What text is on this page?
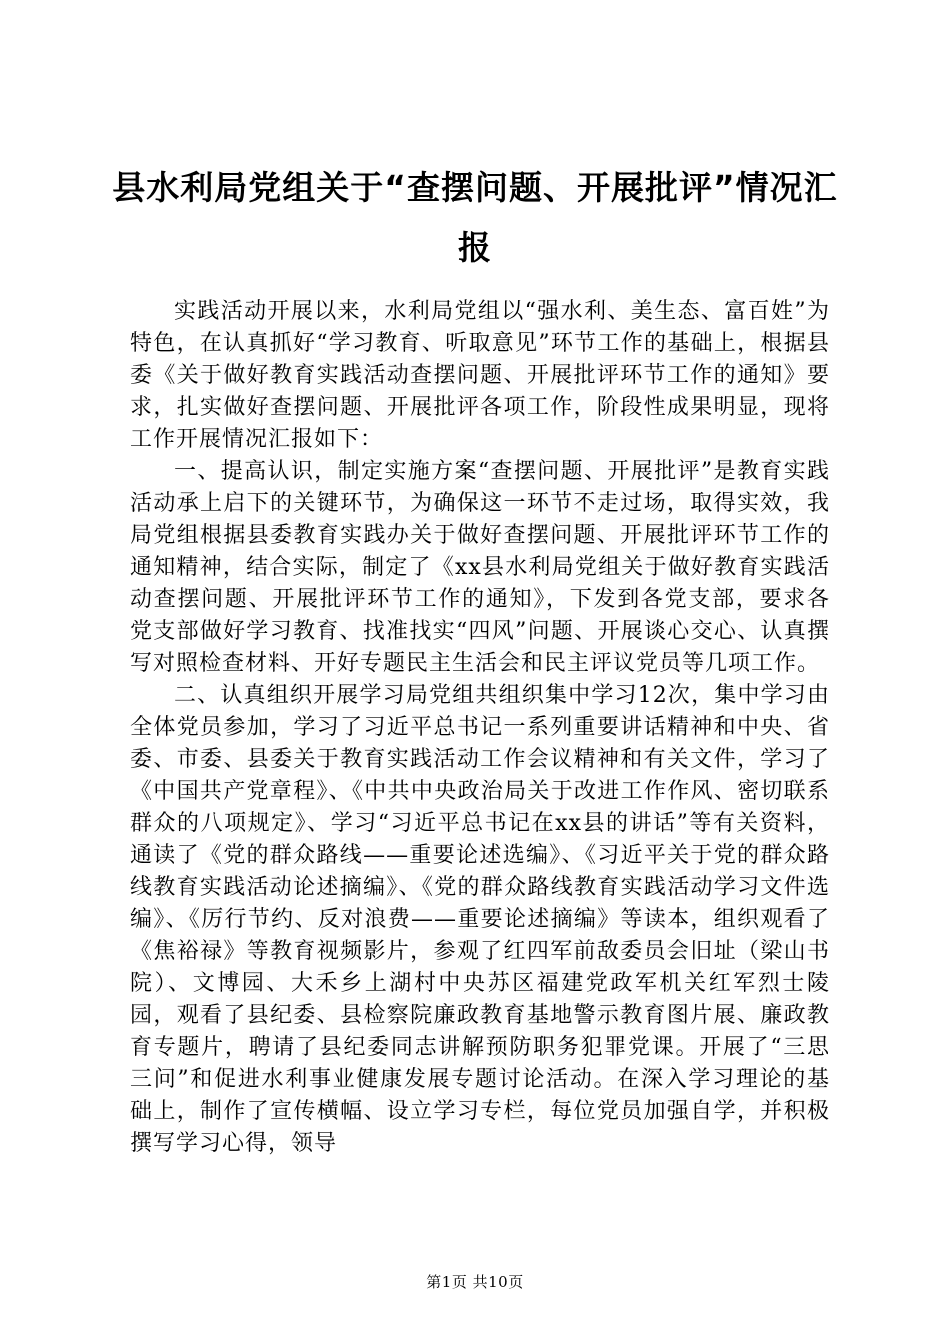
县水利局党组关于“查摆问题、开展批评”情况汇报

实践活动开展以来，水利局党组以“强水利、美生态、富百姓”为特色，在认真抓好“学习教育、听取意见”环节工作的基础上，根据县委《关于做好教育实践活动查摆问题、开展批评环节工作的通知》要求，扎实做好查摆问题、开展批评各项工作，阶段性成果明显，现将工作开展情况汇报如下：

一、提高认识，制定实施方案“查摆问题、开展批评”是教育实践活动承上启下的关键环节，为确保这一环节不走过场，取得实效，我局党组根据县委教育实践办关于做好查摆问题、开展批评环节工作的通知精神，结合实际，制定了《xx县水利局党组关于做好教育实践活动查摆问题、开展批评环节工作的通知》，下发到各党支部，要求各党支部做好学习教育、找准找实“四风”问题、开展谈心交心、认真撰写对照检查材料、开好专题民主生活会和民主评议党员等几项工作。

二、认真组织开展学习局党组共组织集中学习12次，集中学习由全体党员参加，学习了习近平总书记一系列重要讲话精神和中央、省委、市委、县委关于教育实践活动工作会议精神和有关文件，学习了《中国共产党章程》、《中共中央政治局关于改进工作作风、密切联系群众的八项规定》、学习“习近平总书记在xx县的讲话”等有关资料，通读了《党的群众路线——重要论述选编》、《习近平关于党的群众路线教育实践活动论述摘编》、《党的群众路线教育实践活动学习文件选编》、《厉行节约、反对浪费——重要论述摘编》等读本，组织观看了《焦裕禄》等教育视频影片，参观了红四军前敌委员会旧址（梁山书院）、文博园、大禾乡上湖村中央苏区福建党政军机关红军烈士陵园，观看了县纪委、县检察院廉政教育基地警示教育图片展、廉政教育专题片，聘请了县纪委同志讲解预防职务犯罪党课。开展了“三思三问”和促进水利事业健康发展专题讨论活动。在深入学习理论的基础上，制作了宣传横幅、设立学习专栏，每位党员加强自学，并积极撰写学习心得，领导

第1页 共10页
